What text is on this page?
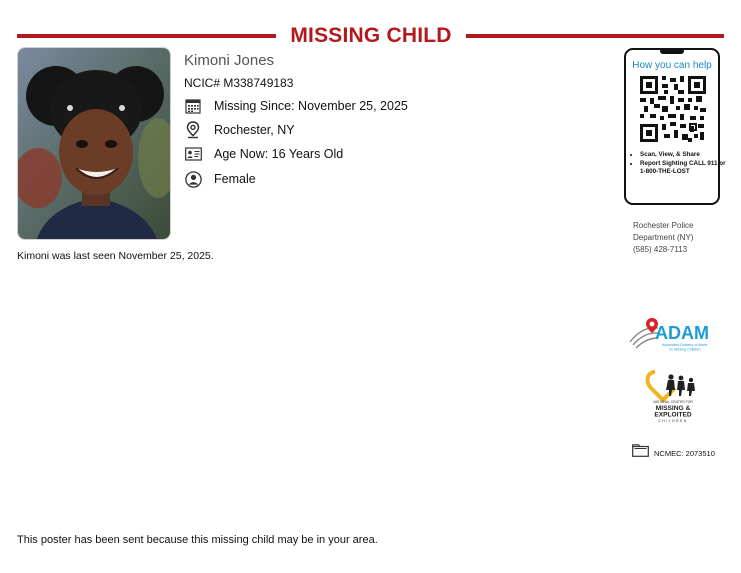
MISSING CHILD
Kimoni Jones
NCIC# M338749183
Missing Since: November 25, 2025
Rochester, NY
Age Now: 16 Years Old
Female
Kimoni was last seen November 25, 2025.
How you can help
• Scan, View, & Share
• Report Sighting CALL 911 or 1-800-THE-LOST
Rochester Police
Department (NY)
(585) 428-7113
ADAM
Automated Delivery of Alerts
on Missing Children
NATIONAL CENTER FOR
MISSING &
EXPLOITED
CHILDREN
NCMEC: 2073510
This poster has been sent because this missing child may be in your area.
